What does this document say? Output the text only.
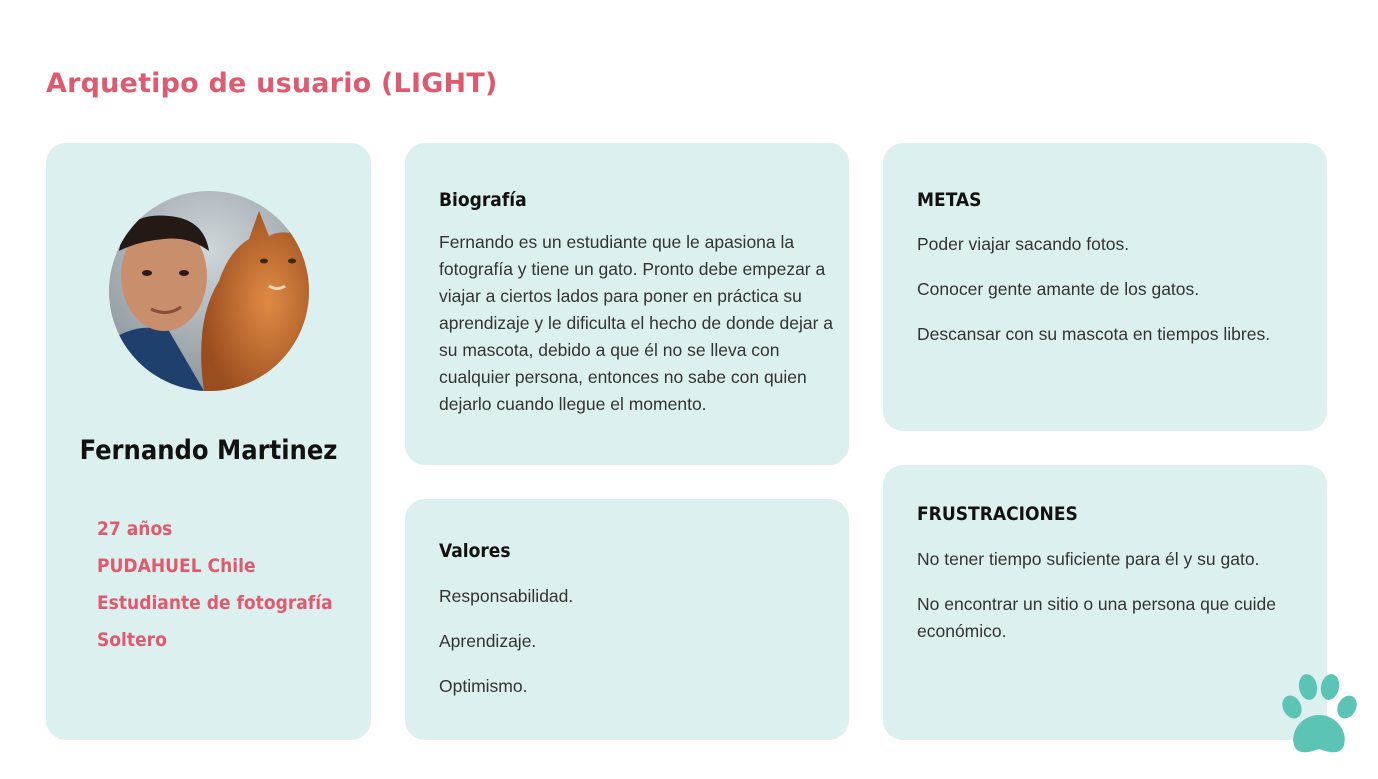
Arquetipo de usuario (LIGHT)
Fernando Martinez
27 años
PUDAHUEL Chile
Estudiante de fotografía
Soltero
Biografía

Fernando es un estudiante que le apasiona la fotografía y tiene un gato. Pronto debe empezar a viajar a ciertos lados para poner en práctica su aprendizaje y le dificulta el hecho de donde dejar a su mascota, debido a que él no se lleva con cualquier persona, entonces no sabe con quien dejarlo cuando llegue el momento.

Valores
Responsabilidad.
Aprendizaje.
Optimismo.
METAS
Poder viajar sacando fotos.
Conocer gente amante de los gatos.
Descansar con su mascota en tiempos libres.
FRUSTRACIONES
No tener tiempo suficiente para él y su gato.
No encontrar un sitio o una persona que cuide económico.
